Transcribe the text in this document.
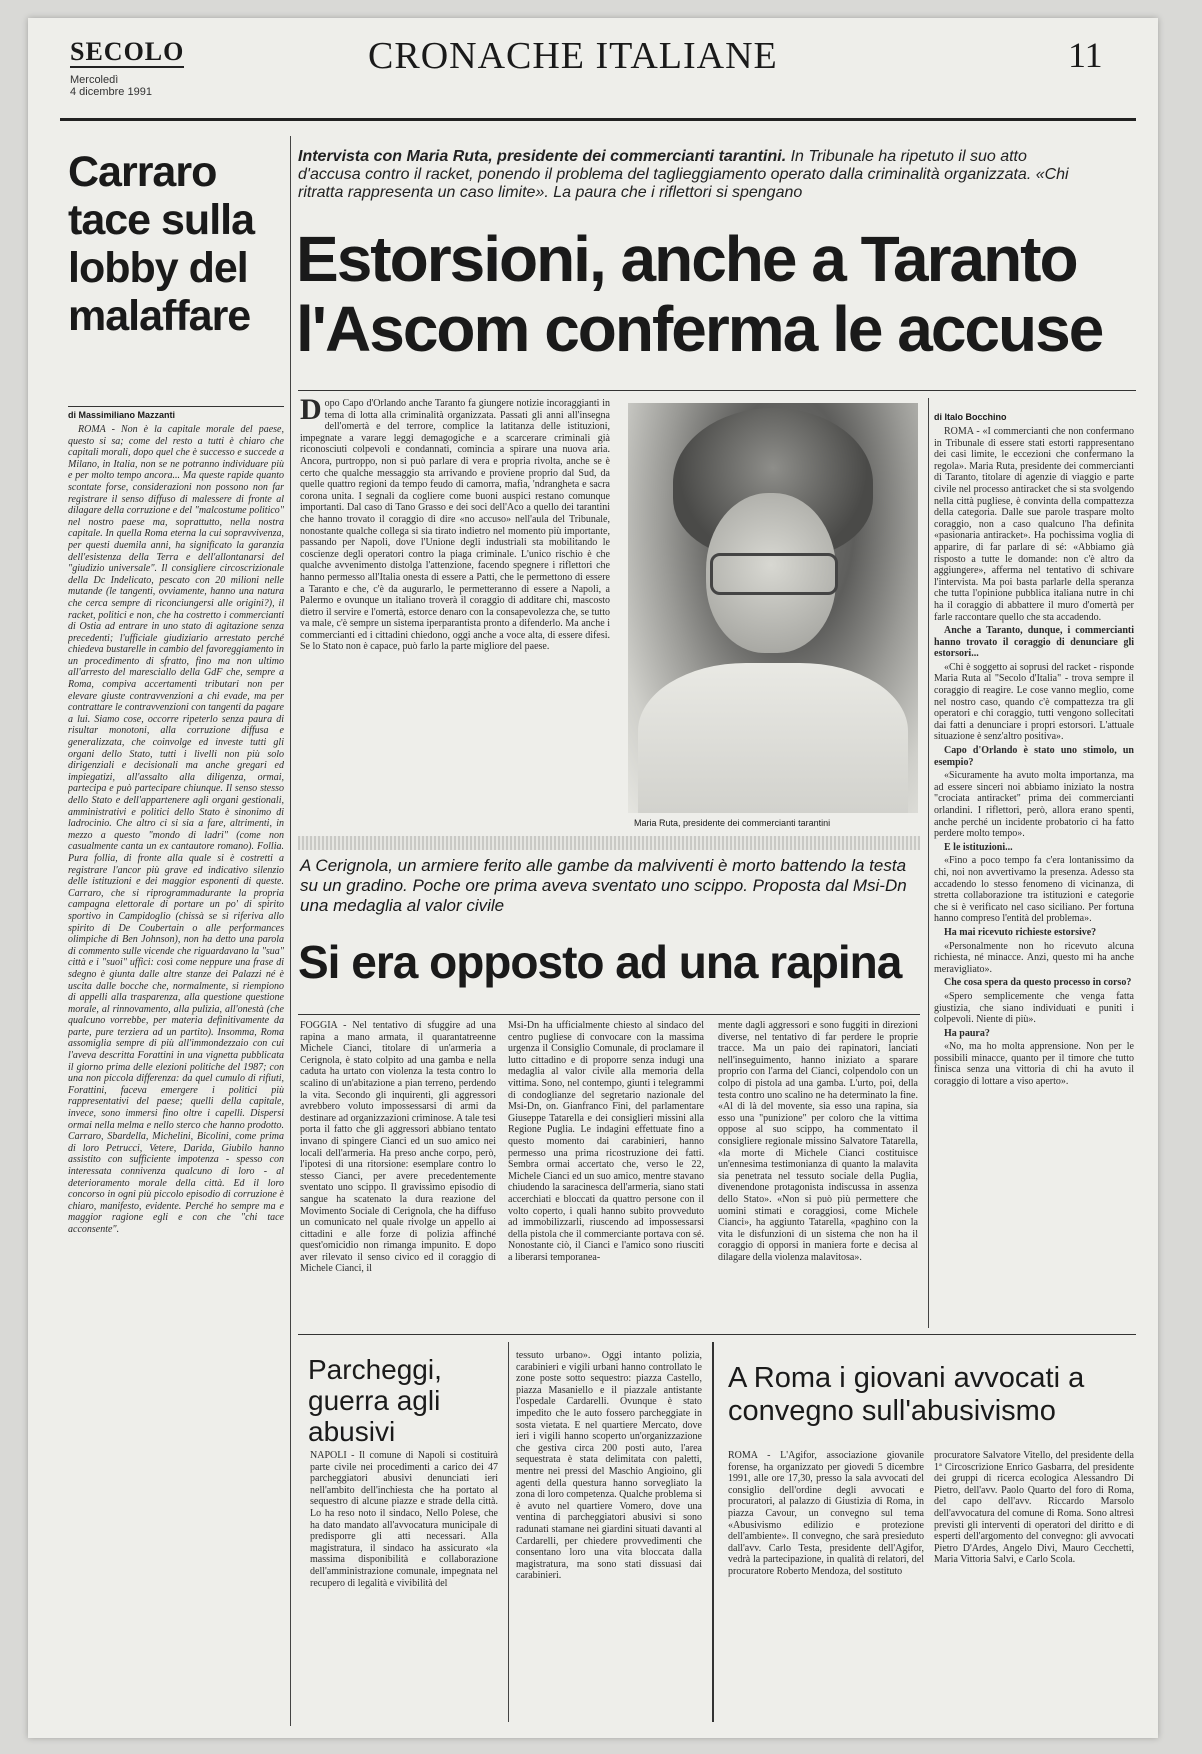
SECOLO
Mercoledì
4 dicembre 1991
CRONACHE ITALIANE	11
Carraro tace sulla lobby del malaffare
di Massimiliano Mazzanti

ROMA - Non è la capitale morale del paese, questo si sa; come del resto a tutti è chiaro che capitali morali, dopo quel che è successo e succede a Milano, in Italia, non se ne potranno individuare più e per molto tempo ancora... Ma queste rapide quanto scontate forse, considerazioni non possono non far registrare il senso diffuso di malessere di fronte al dilagare della corruzione e del "malcostume politico" nel nostro paese ma, soprattutto, nella nostra capitale. In quella Roma eterna la cui sopravvivenza, per questi duemila anni, ha significato la garanzia dell'esistenza della Terra e dell'allontanarsi del "giudizio universale". Il consigliere circoscrizionale della Dc Indelicato, pescato con 20 milioni nelle mutande (le tangenti, ovviamente, hanno una natura che cerca sempre di riconciungersi alle origini?), il racket, politici e non, che ha costretto i commercianti di Ostia ad entrare in uno stato di agitazione senza precedenti; l'ufficiale giudiziario arrestato perché chiedeva bustarelle in cambio del favoreggiamento in un procedimento di sfratto, fino ma non ultimo all'arresto del maresciallo della GdF che, sempre a Roma, compiva accertamenti tributari non per elevare giuste contravvenzioni a chi evade, ma per contrattare le contravvenzioni con tangenti da pagare a lui. Siamo cose, occorre ripeterlo senza paura di risultar monotoni, alla corruzione diffusa e generalizzata, che coinvolge ed investe tutti gli organi dello Stato, tutti i livelli non più solo dirigenziali e decisionali ma anche gregari ed impiegatizi, all'assalto alla diligenza, ormai, partecipa e può partecipare chiunque. Il senso stesso dello Stato e dell'appartenere agli organi gestionali, amministrativi e politici dello Stato è sinonimo di ladrocinio. Che altro ci si sia a fare, altrimenti, in mezzo a questo "mondo di ladri" (come non casualmente canta un ex cantautore romano). Follia. Pura follia, di fronte alla quale si è costretti a registrare l'ancor più grave ed indicativo silenzio delle istituzioni e dei maggior esponenti di queste. Carraro, che si riprogrammadurante la propria campagna elettorale di portare un po' di spirito sportivo in Campidoglio (chissà se si riferiva allo spirito di De Coubertain o alle performances olimpiche di Ben Johnson), non ha detto una parola di commento sulle vicende che riguardavano la "sua" città e i "suoi" uffici: così come neppure una frase di sdegno è giunta dalle altre stanze dei Palazzi né è uscita dalle bocche che, normalmente, si riempiono di appelli alla trasparenza, alla questione questione morale, al rinnovamento, alla pulizia, all'onestà (che qualcuno vorrebbe, per materia definitivamente da parte, pure terziera ad un partito). Insomma, Roma assomiglia sempre di più all'immondezzaio con cui l'aveva descritta Forattini in una vignetta pubblicata il giorno prima delle elezioni politiche del 1987; con una non piccola differenza: da quel cumulo di rifiuti, Forattini, faceva emergere i politici più rappresentativi del paese; quelli della capitale, invece, sono immersi fino oltre i capelli. Dispersi ormai nella melma e nello sterco che hanno prodotto. Carraro, Sbardella, Michelini, Bicolini, come prima di loro Petrucci, Vetere, Darida, Giubilo hanno assistito con sufficiente impotenza - spesso con interessata connivenza qualcuno di loro - al deterioramento morale della città. Ed il loro concorso in ogni più piccolo episodio di corruzione è chiaro, manifesto, evidente. Perché ho sempre ma e maggior ragione egli e con che "chi tace acconsente".

Intervista con Maria Ruta, presidente dei commercianti tarantini. In Tribunale ha ripetuto il suo atto d'accusa contro il racket, ponendo il problema del taglieggiamento operato dalla criminalità organizzata. «Chi ritratta rappresenta un caso limite». La paura che i riflettori si spengano
Estorsioni, anche a Taranto
l'Ascom conferma le accuse
D opo Capo d'Orlando anche Taranto fa giungere notizie incoraggianti in tema di lotta alla criminalità organizzata. Passati gli anni all'insegna dell'omertà e del terrore, complice la latitanza delle istituzioni, impegnate a varare leggi demagogiche e a scarcerare criminali già riconosciuti colpevoli e condannati, comincia a spirare una nuova aria. Ancora, purtroppo, non si può parlare di vera e propria rivolta, anche se è certo che qualche messaggio sta arrivando e proviene proprio dal Sud, da quelle quattro regioni da tempo feudo di camorra, mafia, 'ndrangheta e sacra corona unita. I segnali da cogliere come buoni auspici restano comunque importanti. Dal caso di Tano Grasso e dei soci dell'Aco a quello dei tarantini che hanno trovato il coraggio di dire «no accuso» nell'aula del Tribunale, nonostante qualche collega si sia tirato indietro nel momento più importante, passando per Napoli, dove l'Unione degli industriali sta mobilitando le coscienze degli operatori contro la piaga criminale. L'unico rischio è che qualche avvenimento distolga l'attenzione, facendo spegnere i riflettori che hanno permesso all'Italia onesta di essere a Patti, che le permettono di essere a Taranto e che, c'è da augurarlo, le permetteranno di essere a Napoli, a Palermo e ovunque un italiano troverà il coraggio di additare chi, mascosto dietro il servire e l'omertà, estorce denaro con la consapevolezza che, se tutto va male, c'è sempre un sistema iperparantista pronto a difenderlo. Ma anche i commercianti ed i cittadini chiedono, oggi anche a voce alta, di essere difesi. Se lo Stato non è capace, può farlo la parte migliore del paese.
Maria Ruta, presidente dei commercianti tarantini
di Italo Bocchino

ROMA - «I commercianti che non confermano in Tribunale di essere stati estorti rappresentano dei casi limite, le eccezioni che confermano la regola». Maria Ruta, presidente dei commercianti di Taranto, titolare di agenzie di viaggio e parte civile nel processo antiracket che si sta svolgendo nella città pugliese, è convinta della compattezza della categoria. Dalle sue parole traspare molto coraggio, non a caso qualcuno l'ha definita «pasionaria antiracket». Ha pochissima voglia di apparire, di far parlare di sé: «Abbiamo già risposto a tutte le domande: non c'è altro da aggiungere», afferma nel tentativo di schivare l'intervista. Ma poi basta parlarle della speranza che tutta l'opinione pubblica italiana nutre in chi ha il coraggio di abbattere il muro d'omertà per farle raccontare quello che sta accadendo.

Anche a Taranto, dunque, i commercianti hanno trovato il coraggio di denunciare gli estorsori...

«Chi è soggetto ai soprusi del racket - risponde Maria Ruta al "Secolo d'Italia" - trova sempre il coraggio di reagire. Le cose vanno meglio, come nel nostro caso, quando c'è compattezza tra gli operatori e chi coraggio, tutti vengono sollecitati dai fatti a denunciare i propri estorsori. L'attuale situazione è senz'altro positiva».

Capo d'Orlando è stato uno stimolo, un esempio?

«Sicuramente ha avuto molta importanza, ma ad essere sinceri noi abbiamo iniziato la nostra "crociata antiracket" prima dei commercianti orlandini. I riflettori, però, allora erano spenti, anche perché un incidente probatorio ci ha fatto perdere molto tempo».

E le istituzioni...

«Fino a poco tempo fa c'era lontanissimo da chi, noi non avvertivamo la presenza. Adesso sta accadendo lo stesso fenomeno di vicinanza, di stretta collaborazione tra istituzioni e categorie che si è verificato nel caso siciliano. Per fortuna hanno compreso l'entità del problema».

Ha mai ricevuto richieste estorsive?

«Personalmente non ho ricevuto alcuna richiesta, né minacce. Anzi, questo mi ha anche meravigliato».

Che cosa spera da questo processo in corso?

«Spero semplicemente che venga fatta giustizia, che siano individuati e puniti i colpevoli. Niente di più».

Ha paura?

«No, ma ho molta apprensione. Non per le possibili minacce, quanto per il timore che tutto finisca senza una vittoria di chi ha avuto il coraggio di lottare a viso aperto».

A Cerignola, un armiere ferito alle gambe da malviventi è morto battendo la testa su un gradino. Poche ore prima aveva sventato uno scippo. Proposta dal Msi-Dn una medaglia al valor civile
Si era opposto ad una rapina
FOGGIA - Nel tentativo di sfuggire ad una rapina a mano armata, il quarantatreenne Michele Cianci, titolare di un'armeria a Cerignola, è stato colpito ad una gamba e nella caduta ha urtato con violenza la testa contro lo scalino di un'abitazione a pian terreno, perdendo la vita. Secondo gli inquirenti, gli aggressori avrebbero voluto impossessarsi di armi da destinare ad organizzazioni criminose. A tale tesi porta il fatto che gli aggressori abbiano tentato invano di spingere Cianci ed un suo amico nei locali dell'armeria. Ha preso anche corpo, però, l'ipotesi di una ritorsione: esemplare contro lo stesso Cianci, per avere precedentemente sventato uno scippo. Il gravissimo episodio di sangue ha scatenato la dura reazione del Movimento Sociale di Cerignola, che ha diffuso un comunicato nel quale rivolge un appello ai cittadini e alle forze di polizia affinché quest'omicidio non rimanga impunito. E dopo aver rilevato il senso civico ed il coraggio di Michele Cianci, il
Msi-Dn ha ufficialmente chiesto al sindaco del centro pugliese di convocare con la massima urgenza il Consiglio Comunale, di proclamare il lutto cittadino e di proporre senza indugi una medaglia al valor civile alla memoria della vittima. Sono, nel contempo, giunti i telegrammi di condoglianze del segretario nazionale del Msi-Dn, on. Gianfranco Fini, del parlamentare Giuseppe Tatarella e dei consiglieri missini alla Regione Puglia. Le indagini effettuate fino a questo momento dai carabinieri, hanno permesso una prima ricostruzione dei fatti. Sembra ormai accertato che, verso le 22, Michele Cianci ed un suo amico, mentre stavano chiudendo la saracinesca dell'armeria, siano stati accerchiati e bloccati da quattro persone con il volto coperto, i quali hanno subito provveduto ad immobilizzarli, riuscendo ad impossessarsi della pistola che il commerciante portava con sé. Nonostante ciò, il Cianci e l'amico sono riusciti a liberarsi temporanea-
mente dagli aggressori e sono fuggiti in direzioni diverse, nel tentativo di far perdere le proprie tracce. Ma un paio dei rapinatori, lanciati nell'inseguimento, hanno iniziato a sparare proprio con l'arma del Cianci, colpendolo con un colpo di pistola ad una gamba. L'urto, poi, della testa contro uno scalino ne ha determinato la fine. «Al di là del movente, sia esso una rapina, sia esso una "punizione" per coloro che la vittima oppose al suo scippo, ha commentato il consigliere regionale missino Salvatore Tatarella, «la morte di Michele Cianci costituisce un'ennesima testimonianza di quanto la malavita sia penetrata nel tessuto sociale della Puglia, divenendone protagonista indiscussa in assenza dello Stato». «Non si può più permettere che uomini stimati e coraggiosi, come Michele Cianci», ha aggiunto Tatarella, «paghino con la vita le disfunzioni di un sistema che non ha il coraggio di opporsi in maniera forte e decisa al dilagare della violenza malavitosa».
Parcheggi, guerra agli abusivi
NAPOLI - Il comune di Napoli si costituirà parte civile nei procedimenti a carico dei 47 parcheggiatori abusivi denunciati ieri nell'ambito dell'inchiesta che ha portato al sequestro di alcune piazze e strade della città. Lo ha reso noto il sindaco, Nello Polese, che ha dato mandato all'avvocatura municipale di predisporre gli atti necessari. Alla magistratura, il sindaco ha assicurato «la massima disponibilità e collaborazione dell'amministrazione comunale, impegnata nel recupero di legalità e vivibilità del
tessuto urbano». Oggi intanto polizia, carabinieri e vigili urbani hanno controllato le zone poste sotto sequestro: piazza Castello, piazza Masaniello e il piazzale antistante l'ospedale Cardarelli. Ovunque è stato impedito che le auto fossero parcheggiate in sosta vietata. E nel quartiere Mercato, dove ieri i vigili hanno scoperto un'organizzazione che gestiva circa 200 posti auto, l'area sequestrata è stata delimitata con paletti, mentre nei pressi del Maschio Angioino, gli agenti della questura hanno sorvegliato la zona di loro competenza. Qualche problema si è avuto nel quartiere Vomero, dove una ventina di parcheggiatori abusivi si sono radunati stamane nei giardini situati davanti al Cardarelli, per chiedere provvedimenti che consentano loro una vita bloccata dalla magistratura, ma sono stati dissuasi dai carabinieri.
A Roma i giovani avvocati a convegno sull'abusivismo
ROMA - L'Agifor, associazione giovanile forense, ha organizzato per giovedì 5 dicembre 1991, alle ore 17,30, presso la sala avvocati del consiglio dell'ordine degli avvocati e procuratori, al palazzo di Giustizia di Roma, in piazza Cavour, un convegno sul tema «Abusivismo edilizio e protezione dell'ambiente». Il convegno, che sarà presieduto dall'avv. Carlo Testa, presidente dell'Agifor, vedrà la partecipazione, in qualità di relatori, del procuratore Roberto Mendoza, del sostituto
procuratore Salvatore Vitello, del presidente della 1ª Circoscrizione Enrico Gasbarra, del presidente dei gruppi di ricerca ecologica Alessandro Di Pietro, dell'avv. Paolo Quarto del foro di Roma, del capo dell'avv. Riccardo Marsolo dell'avvocatura del comune di Roma. Sono altresì previsti gli interventi di operatori del diritto e di esperti dell'argomento del convegno: gli avvocati Pietro D'Ardes, Angelo Divi, Mauro Cecchetti, Maria Vittoria Salvi, e Carlo Scola.
